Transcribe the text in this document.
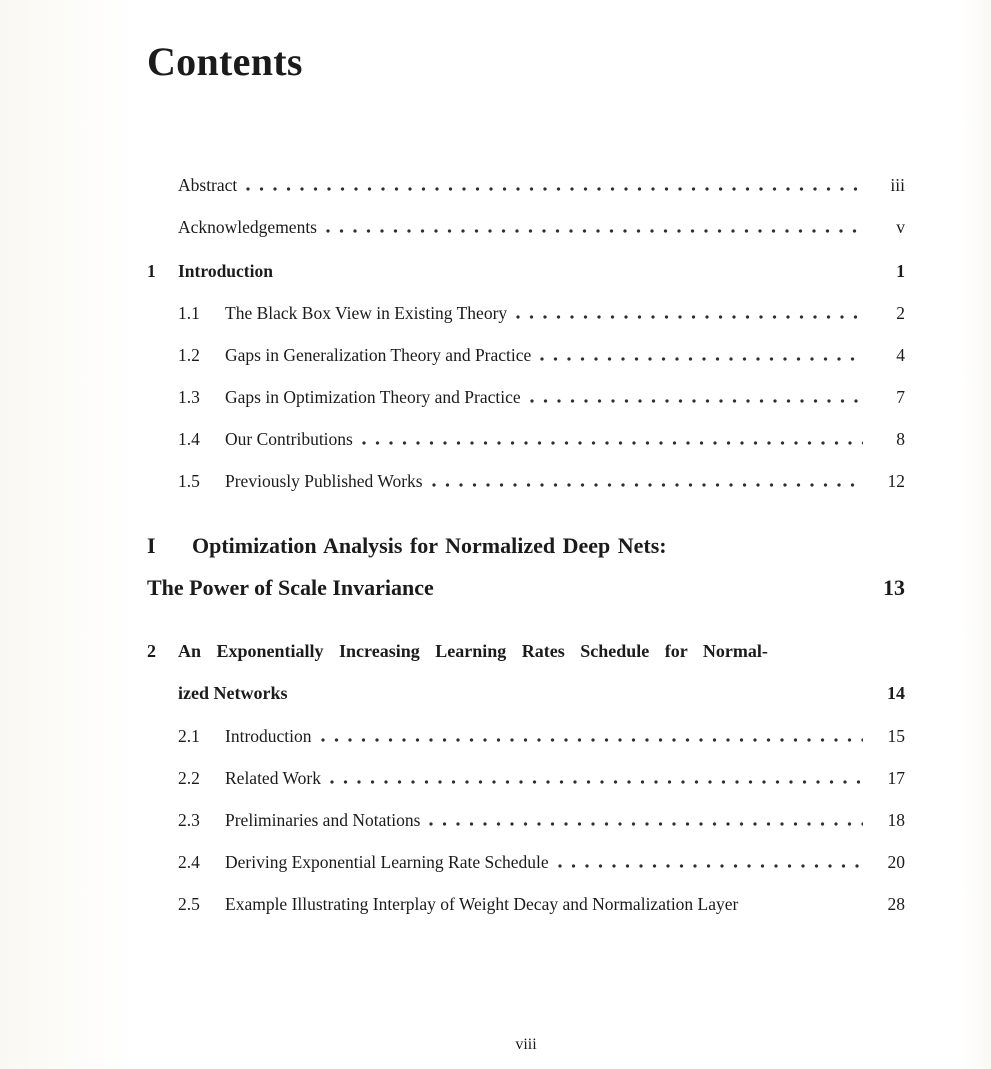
Contents
Abstract	iii
Acknowledgements	v
1	Introduction	1
1.1	The Black Box View in Existing Theory	2
1.2	Gaps in Generalization Theory and Practice	4
1.3	Gaps in Optimization Theory and Practice	7
1.4	Our Contributions	8
1.5	Previously Published Works	12
I	Optimization Analysis for Normalized Deep Nets:
The Power of Scale Invariance	13
2	An Exponentially Increasing Learning Rates Schedule for Normal-
ized Networks	14
2.1	Introduction	15
2.2	Related Work	17
2.3	Preliminaries and Notations	18
2.4	Deriving Exponential Learning Rate Schedule	20
2.5	Example Illustrating Interplay of Weight Decay and Normalization Layer	28
viii
